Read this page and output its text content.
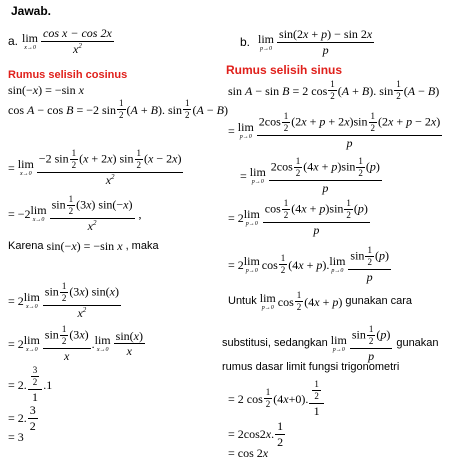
Jawab.
a. lim
$x\to 0 \frac{\text{cos x − cos 2x}}{x^2}$
Rumus selisih cosinus
sin(− x ) = −sin x
cos A − cos B = −2 $\sin \frac{1}{2}$ ( A + B ). $\sin \frac{1}{2}$ ( A − B )
= lim
$x\to 0 \frac{-2 \sin \frac{1}{2} (x + 2x) \sin \frac{1}{2} (x - 2x)}{x^2}$
= −2 lim
$x\to 0 \frac{\sin \frac{1}{2} (3x) \sin(-x)}{x^2}$ ,
Karena sin(−x) = −sin x , maka
= 2 lim
$x\to 0 \frac{\sin \frac{1}{2} (3x) \sin(x)}{x^2}$
= 2 lim
$x\to 0 \frac{\sin \frac{1}{2} (3x)}{x}$ . lim
$x\to 0 \frac{\sin(x)}{x}$
= 2. $\frac{\frac{3}{2}}{1} .1$
= 2. $\frac{3}{2}$
= 3
b. lim
$p\to 0 \frac{\sin(2x + p) - \sin 2x}{p}$
Rumus selisih sinus
sin A − sin B = 2 $\cos \frac{1}{2}$ ( A + B ). $\sin \frac{1}{2}$ ( A − B )
= lim
$p\to 0 \frac{2\cos \frac{1}{2} (2x + p + 2x)\sin \frac{1}{2} (2x + p - 2x)}{p}$
= lim
$p\to 0 \frac{2\cos \frac{1}{2} (4x + p)\sin \frac{1}{2} (p)}{p}$
= 2 lim
$p\to 0 \frac{\cos \frac{1}{2} (4x + p)\sin \frac{1}{2} (p)}{p}$
= 2 lim
p→0 $\cos \frac{1}{2} (4$ x + p ). lim
$p\to 0 \frac{\sin \frac{1}{2} (p)}{p}$
Untuk
lim
p→0 $\cos \frac{1}{2} (4$ x + p ) gunakan cara
substitusi, sedangkan
lim
$p\to 0 \frac{\sin \frac{1}{2} (p)}{p}$
gunakan
rumus dasar limit fungsi trigonometri
= 2 $\cos \frac{1}{2} (4$ x +0). $\frac{\frac{1}{2}}{1}$
= 2cos2 x . $\frac{1}{2}$
= cos 2 x
